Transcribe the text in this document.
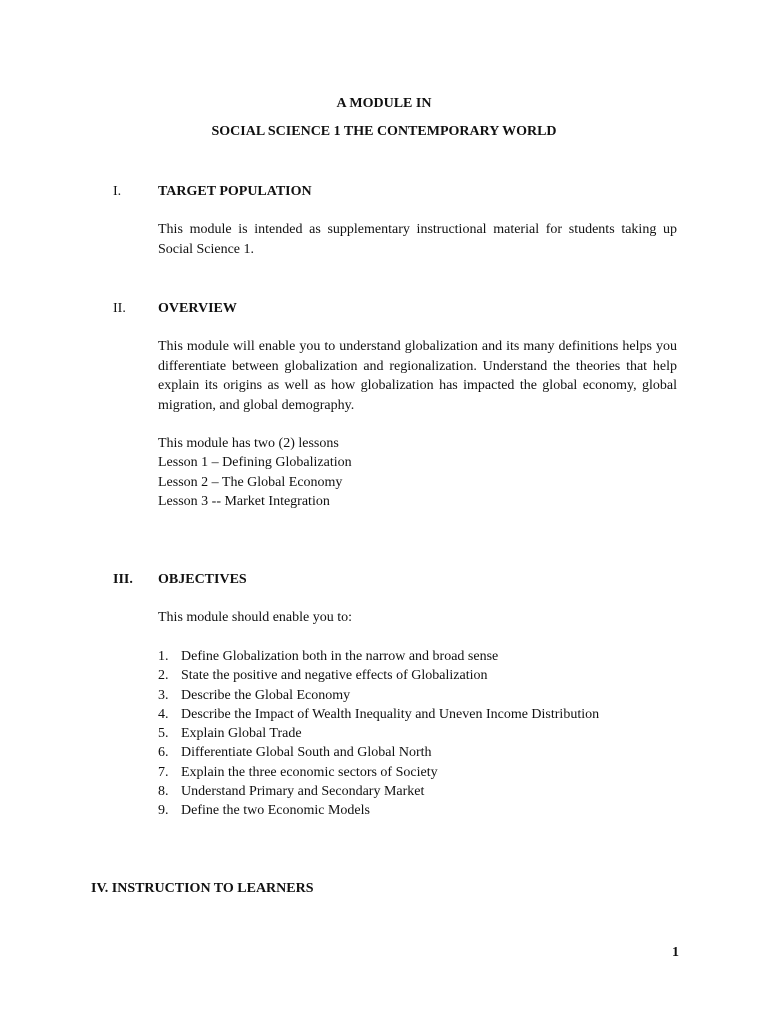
A MODULE IN
SOCIAL SCIENCE 1 THE CONTEMPORARY WORLD
I.	TARGET POPULATION
This module is intended as supplementary instructional material for students taking up Social Science 1.
II.	OVERVIEW
This module will enable you to understand globalization and its many definitions helps you differentiate between globalization and regionalization. Understand the theories that help explain its origins as well as how globalization has impacted the global economy, global migration, and global demography.
This module has two (2) lessons
Lesson 1 – Defining Globalization
Lesson 2 – The Global Economy
Lesson 3 -- Market Integration
III.	OBJECTIVES
This module should enable you to:
1. Define Globalization both in the narrow and broad sense
2. State the positive and negative effects of Globalization
3. Describe the Global Economy
4. Describe the Impact of Wealth Inequality and Uneven Income Distribution
5. Explain Global Trade
6. Differentiate Global South and Global North
7. Explain the three economic sectors of Society
8. Understand Primary and Secondary Market
9. Define the two Economic Models
IV. INSTRUCTION TO LEARNERS
1
